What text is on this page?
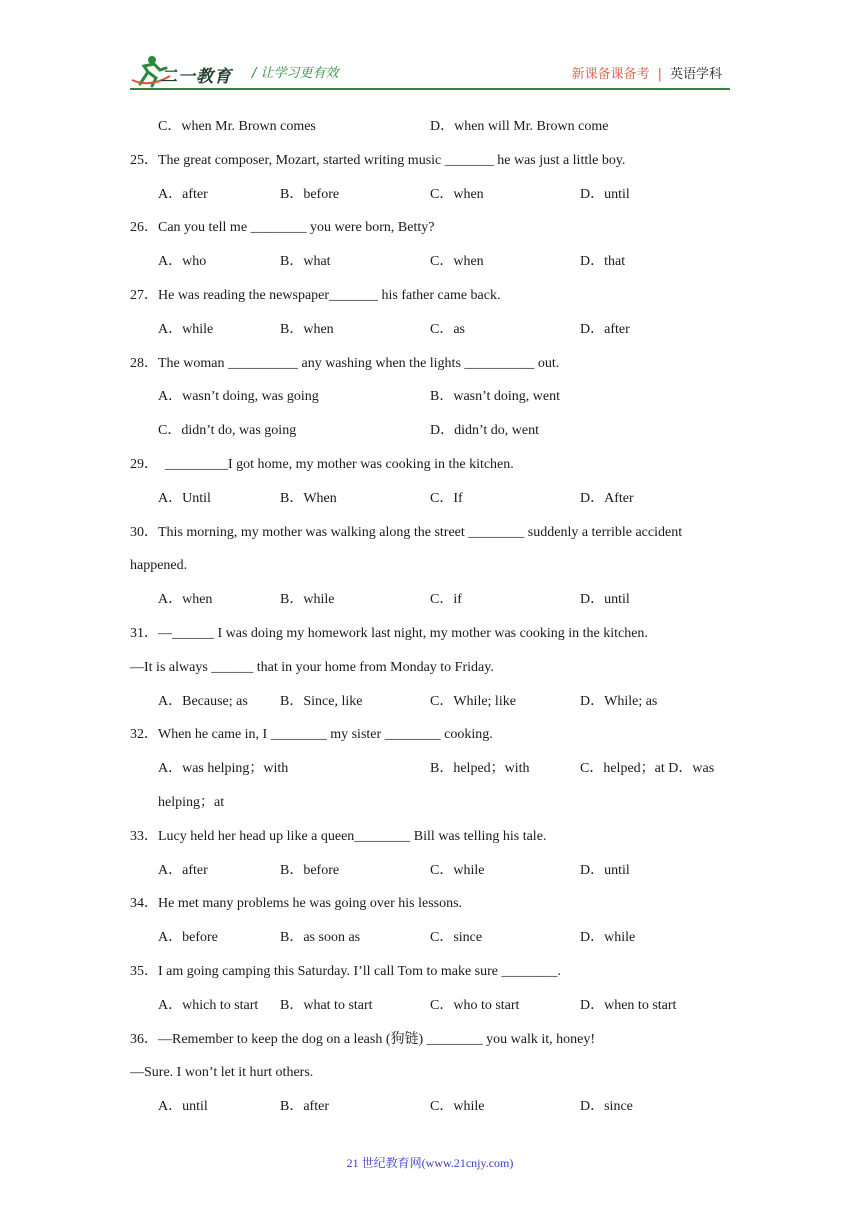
二一教育 / 让学习更有效	新课备课备考 | 英语学科
C．when Mr. Brown comes	D．when will Mr. Brown come
25．The great composer, Mozart, started writing music _______ he was just a little boy.
A．after	B．before	C．when	D．until
26．Can you tell me ________ you were born, Betty?
A．who	B．what	C．when	D．that
27．He was reading the newspaper_______ his father came back.
A．while	B．when	C．as	D．after
28．The woman __________ any washing when the lights __________ out.
A．wasn’t doing, was going	B．wasn’t doing, went
C．didn’t do, was going	D．didn’t do, went
29．  _________I got home, my mother was cooking in the kitchen.
A．Until	B．When	C．If	D．After
30．This morning, my mother was walking along the street ________ suddenly a terrible accident
happened.
A．when	B．while	C．if	D．until
31．—______ I was doing my homework last night, my mother was cooking in the kitchen.
—It is always ______ that in your home from Monday to Friday.
A．Because; as B．Since, like	C．While; like	D．While; as
32．When he came in, I ________ my sister ________ cooking.
A．was helping；with	B．helped；with	C．helped；at D．was
helping；at
33．Lucy held her head up like a queen________ Bill was telling his tale.
A．after	B．before	C．while	D．until
34．He met many problems he was going over his lessons.
A．before	B．as soon as	C．since	D．while
35．I am going camping this Saturday. I’ll call Tom to make sure ________.
A．which to start B．what to start	C．who to start	D．when to start
36．—Remember to keep the dog on a leash (狗链) ________ you walk it, honey!
—Sure. I won’t let it hurt others.
A．until	B．after	C．while	D．since
21 世纪教育网(www.21cnjy.com)
